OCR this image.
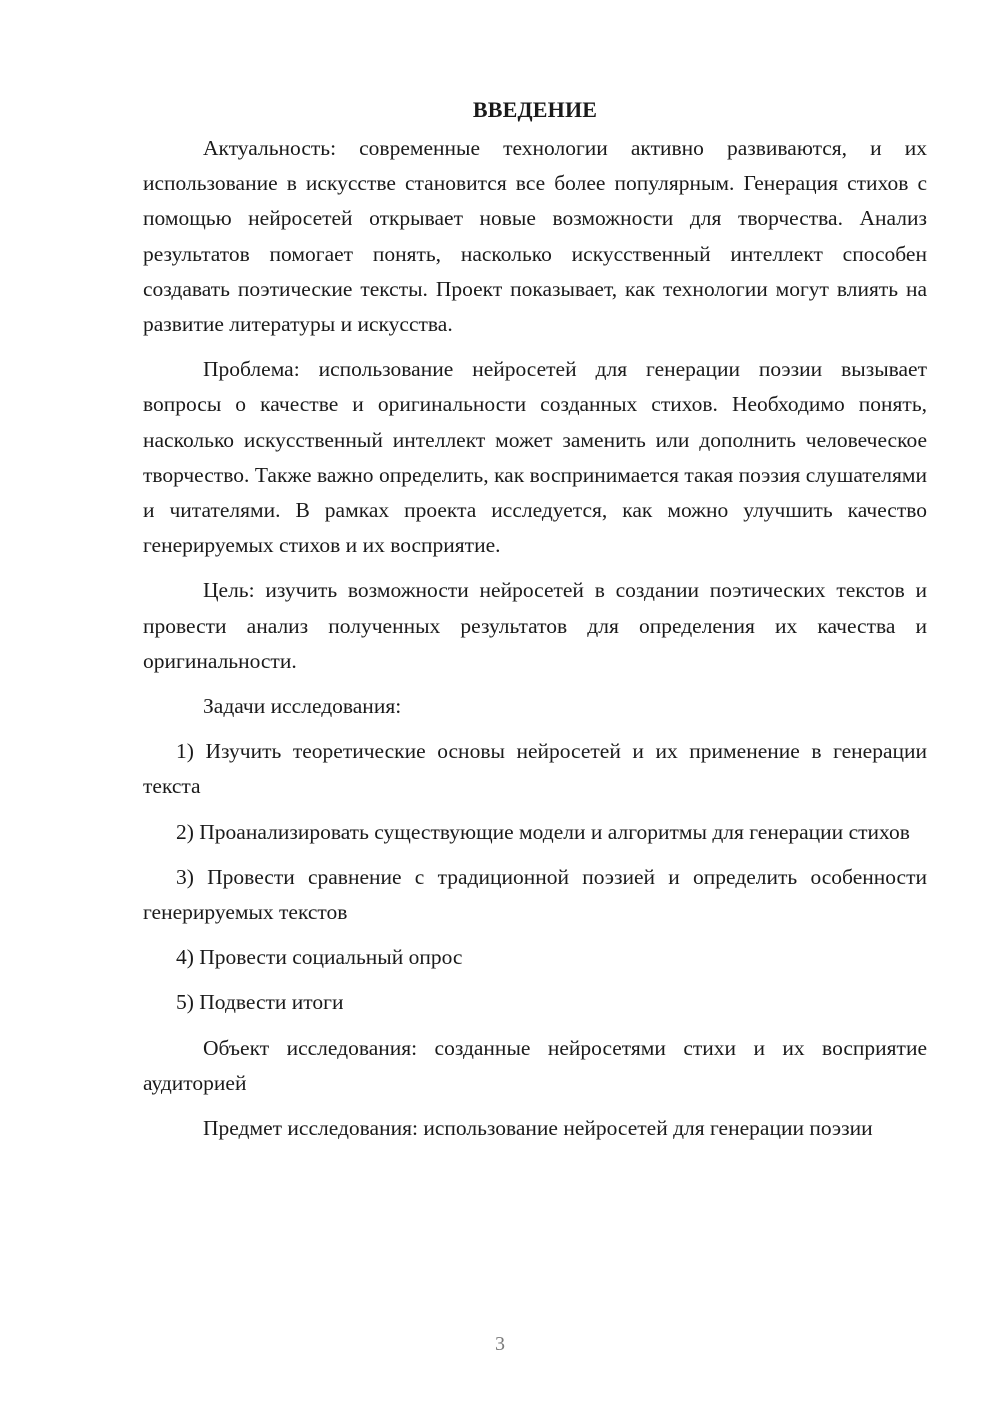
ВВЕДЕНИЕ

Актуальность: современные технологии активно развиваются, и их использование в искусстве становится все более популярным. Генерация стихов с помощью нейросетей открывает новые возможности для творчества. Анализ результатов помогает понять, насколько искусственный интеллект способен создавать поэтические тексты. Проект показывает, как технологии могут влиять на развитие литературы и искусства.

Проблема: использование нейросетей для генерации поэзии вызывает вопросы о качестве и оригинальности созданных стихов. Необходимо понять, насколько искусственный интеллект может заменить или дополнить человеческое творчество. Также важно определить, как воспринимается такая поэзия слушателями и читателями. В рамках проекта исследуется, как можно улучшить качество генерируемых стихов и их восприятие.

Цель: изучить возможности нейросетей в создании поэтических текстов и провести анализ полученных результатов для определения их качества и оригинальности.

Задачи исследования:

1) Изучить теоретические основы нейросетей и их применение в генерации текста

2) Проанализировать существующие модели и алгоритмы для генерации стихов

3) Провести сравнение с традиционной поэзией и определить особенности генерируемых текстов

4) Провести социальный опрос

5) Подвести итоги

Объект исследования: созданные нейросетями стихи и их восприятие аудиторией

Предмет исследования: использование нейросетей для генерации поэзии

3
